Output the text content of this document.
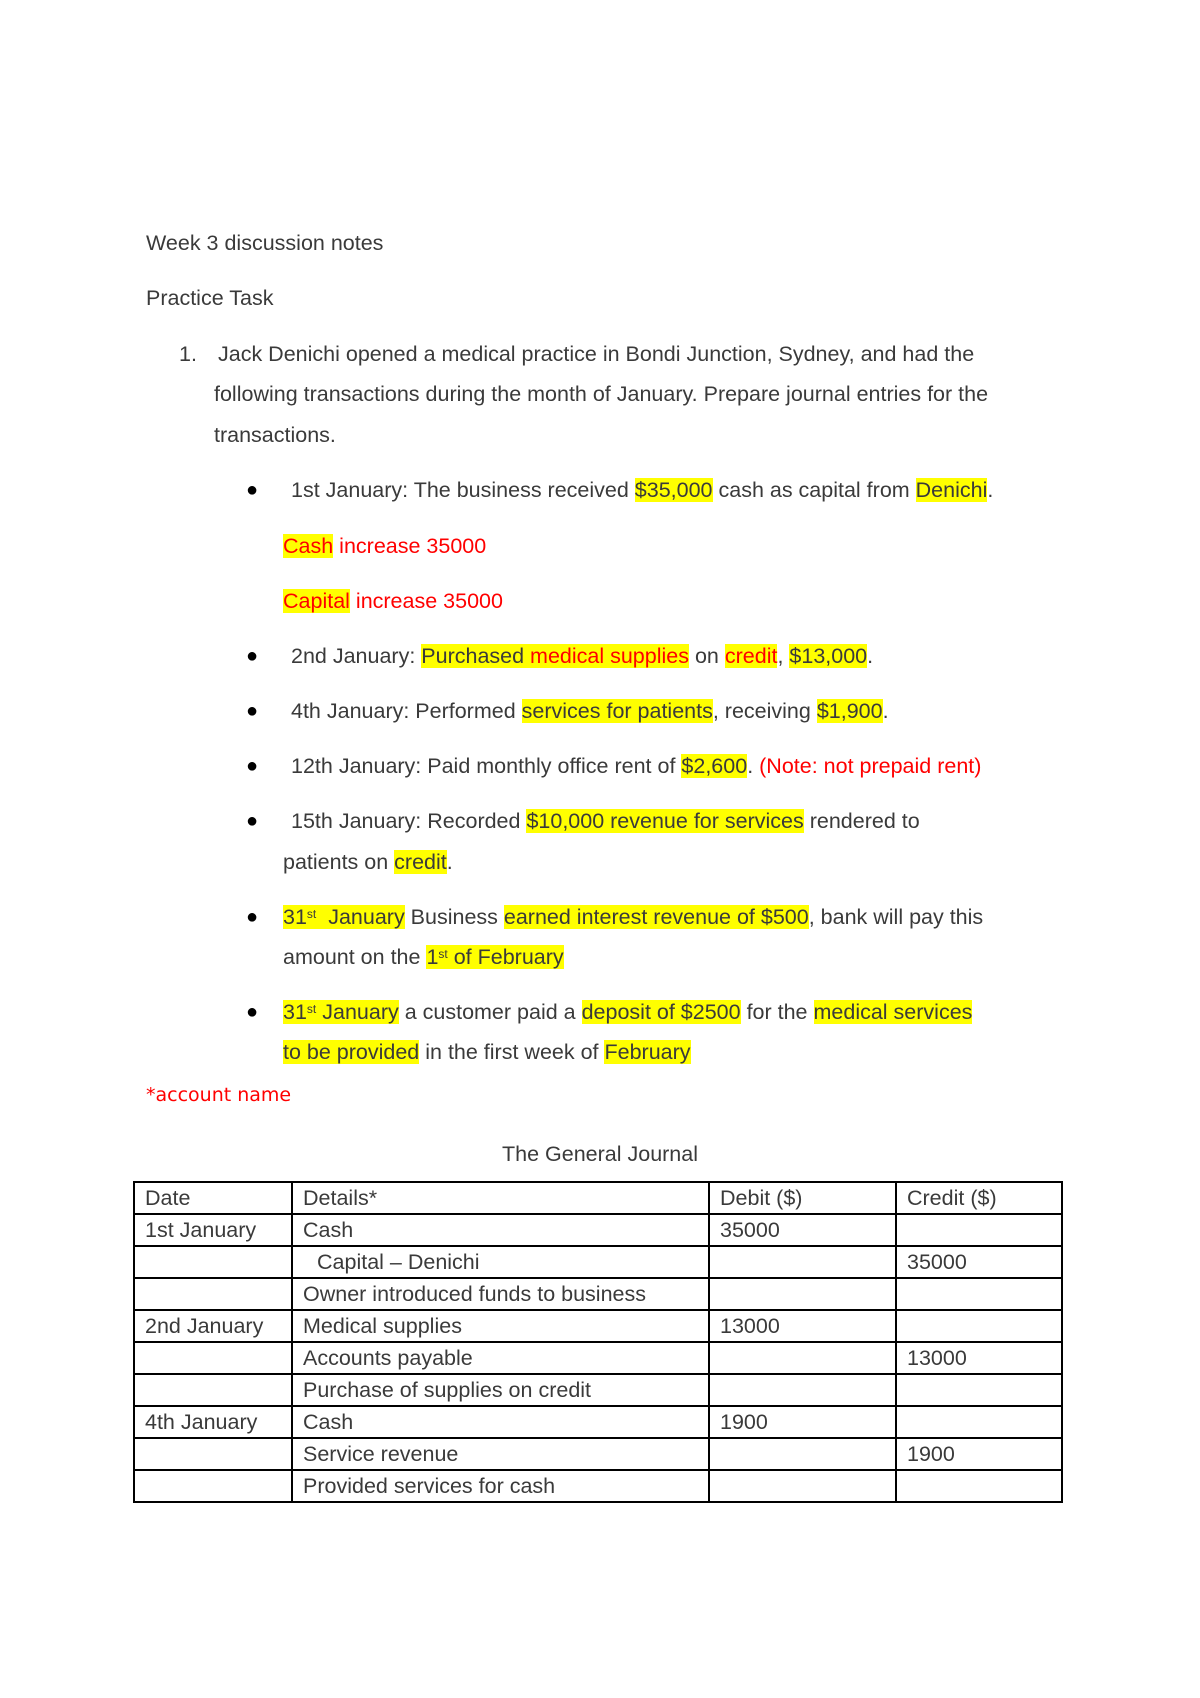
Week 3 discussion notes
Practice Task
1. Jack Denichi opened a medical practice in Bondi Junction, Sydney, and had the
following transactions during the month of January. Prepare journal entries for the
transactions.
● 1st January: The business received $35,000 cash as capital from Denichi.
Cash increase 35000
Capital increase 35000
● 2nd January: Purchased medical supplies on credit, $13,000.
● 4th January: Performed services for patients, receiving $1,900.
● 12th January: Paid monthly office rent of $2,600. (Note: not prepaid rent)
● 15th January: Recorded $10,000 revenue for services rendered to
patients on credit.
● 31st  January Business earned interest revenue of $500, bank will pay this
amount on the 1st of February
● 31st January a customer paid a deposit of $2500 for the medical services
to be provided in the first week of February
*account name
The General Journal
Date	Details*	Debit ($)	Credit ($)
1st January	Cash	35000	
	Capital – Denichi		35000
	Owner introduced funds to business		
2nd January	Medical supplies	13000	
	Accounts payable		13000
	Purchase of supplies on credit		
4th January	Cash	1900	
	Service revenue		1900
	Provided services for cash		
